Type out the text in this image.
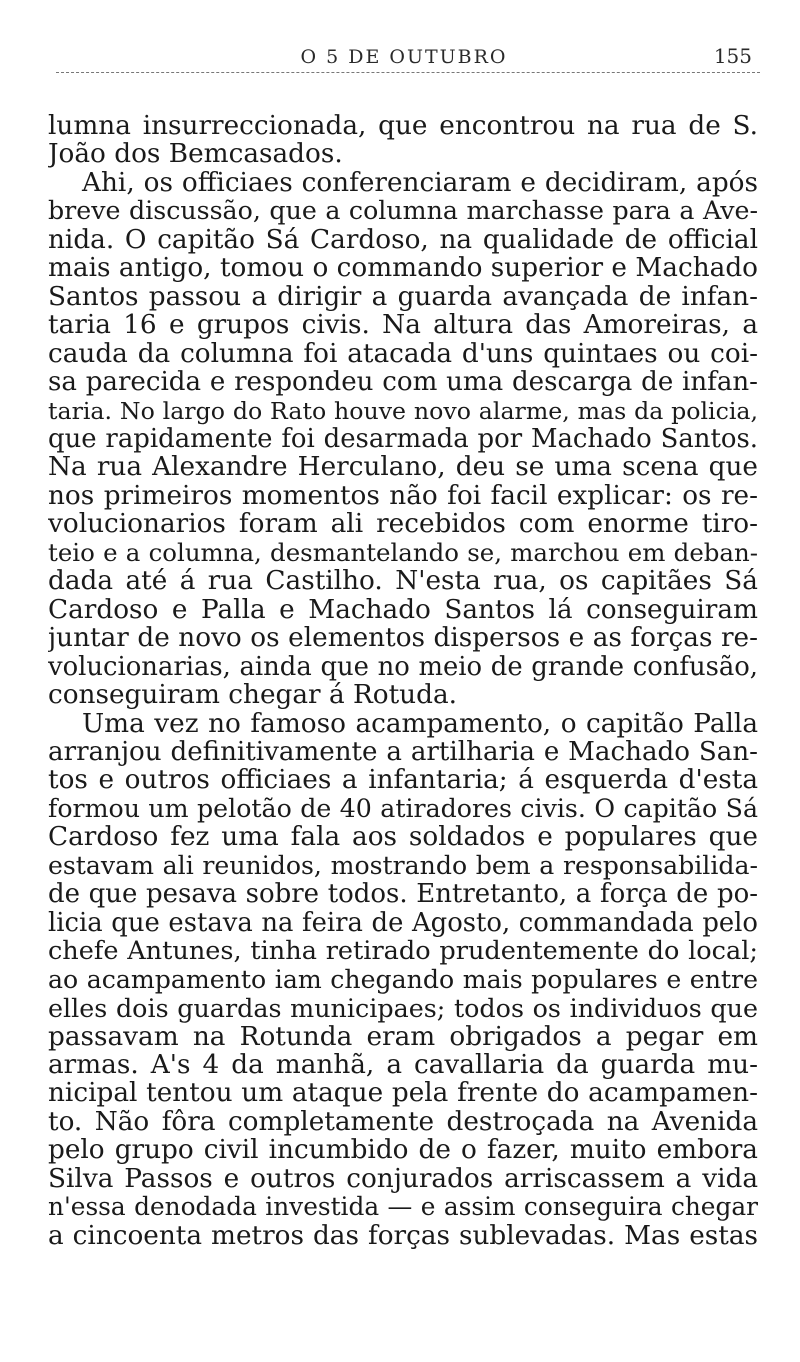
O 5 DE OUTUBRO	155
lumna insurreccionada, que encontrou na rua de S.
João dos Bemcasados.
Ahi, os officiaes conferenciaram e decidiram, após
breve discussão, que a columna marchasse para a Ave-
nida. O capitão Sá Cardoso, na qualidade de official
mais antigo, tomou o commando superior e Machado
Santos passou a dirigir a guarda avançada de infan-
taria 16 e grupos civis. Na altura das Amoreiras, a
cauda da columna foi atacada d'uns quintaes ou coi-
sa parecida e respondeu com uma descarga de infan-
taria. No largo do Rato houve novo alarme, mas da policia,
que rapidamente foi desarmada por Machado Santos.
Na rua Alexandre Herculano, deu se uma scena que
nos primeiros momentos não foi facil explicar: os re-
volucionarios foram ali recebidos com enorme tiro-
teio e a columna, desmantelando se, marchou em deban-
dada até á rua Castilho. N'esta rua, os capitães Sá
Cardoso e Palla e Machado Santos lá conseguiram
juntar de novo os elementos dispersos e as forças re-
volucionarias, ainda que no meio de grande confusão,
conseguiram chegar á Rotuda.
Uma vez no famoso acampamento, o capitão Palla
arranjou definitivamente a artilharia e Machado San-
tos e outros officiaes a infantaria; á esquerda d'esta
formou um pelotão de 40 atiradores civis. O capitão Sá
Cardoso fez uma fala aos soldados e populares que
estavam ali reunidos, mostrando bem a responsabilida-
de que pesava sobre todos. Entretanto, a força de po-
licia que estava na feira de Agosto, commandada pelo
chefe Antunes, tinha retirado prudentemente do local;
ao acampamento iam chegando mais populares e entre
elles dois guardas municipaes; todos os individuos que
passavam na Rotunda eram obrigados a pegar em
armas. A's 4 da manhã, a cavallaria da guarda mu-
nicipal tentou um ataque pela frente do acampamen-
to. Não fôra completamente destroçada na Avenida
pelo grupo civil incumbido de o fazer, muito embora
Silva Passos e outros conjurados arriscassem a vida
n'essa denodada investida — e assim conseguira chegar
a cincoenta metros das forças sublevadas. Mas estas
